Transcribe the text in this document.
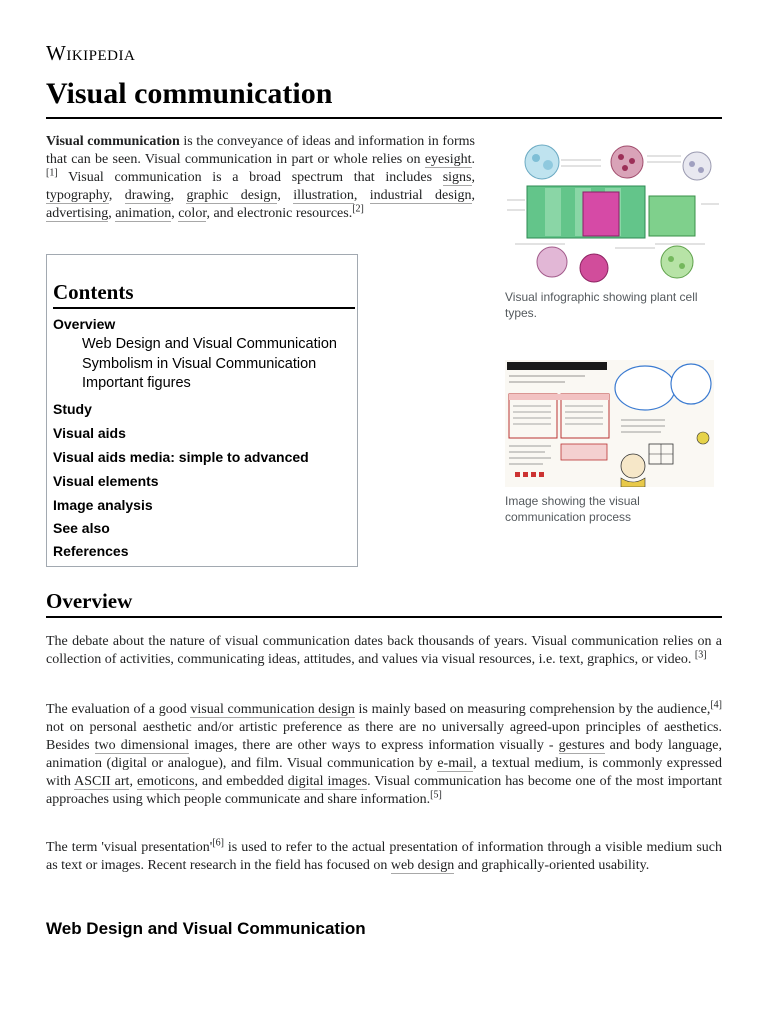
Wikipedia
Visual communication

Visual communication is the conveyance of ideas and information in forms that can be seen. Visual communication in part or whole relies on eyesight.[1] Visual communication is a broad spectrum that includes signs, typography, drawing, graphic design, illustration, industrial design, advertising, animation, color, and electronic resources.[2]

Contents
Overview
Web Design and Visual Communication
Symbolism in Visual Communication
Important figures
Study
Visual aids
Visual aids media: simple to advanced
Visual elements
Image analysis
See also
References
Visual infographic showing plant cell types.
Image showing the visual communication process
Overview

The debate about the nature of visual communication dates back thousands of years. Visual communication relies on a collection of activities, communicating ideas, attitudes, and values via visual resources, i.e. text, graphics, or video. [3]

The evaluation of a good visual communication design is mainly based on measuring comprehension by the audience,[4] not on personal aesthetic and/or artistic preference as there are no universally agreed-upon principles of aesthetics. Besides two dimensional images, there are other ways to express information visually - gestures and body language, animation (digital or analogue), and film. Visual communication by e-mail, a textual medium, is commonly expressed with ASCII art, emoticons, and embedded digital images. Visual communication has become one of the most important approaches using which people communicate and share information.[5]

The term 'visual presentation'[6] is used to refer to the actual presentation of information through a visible medium such as text or images. Recent research in the field has focused on web design and graphically-oriented usability.

Web Design and Visual Communication
